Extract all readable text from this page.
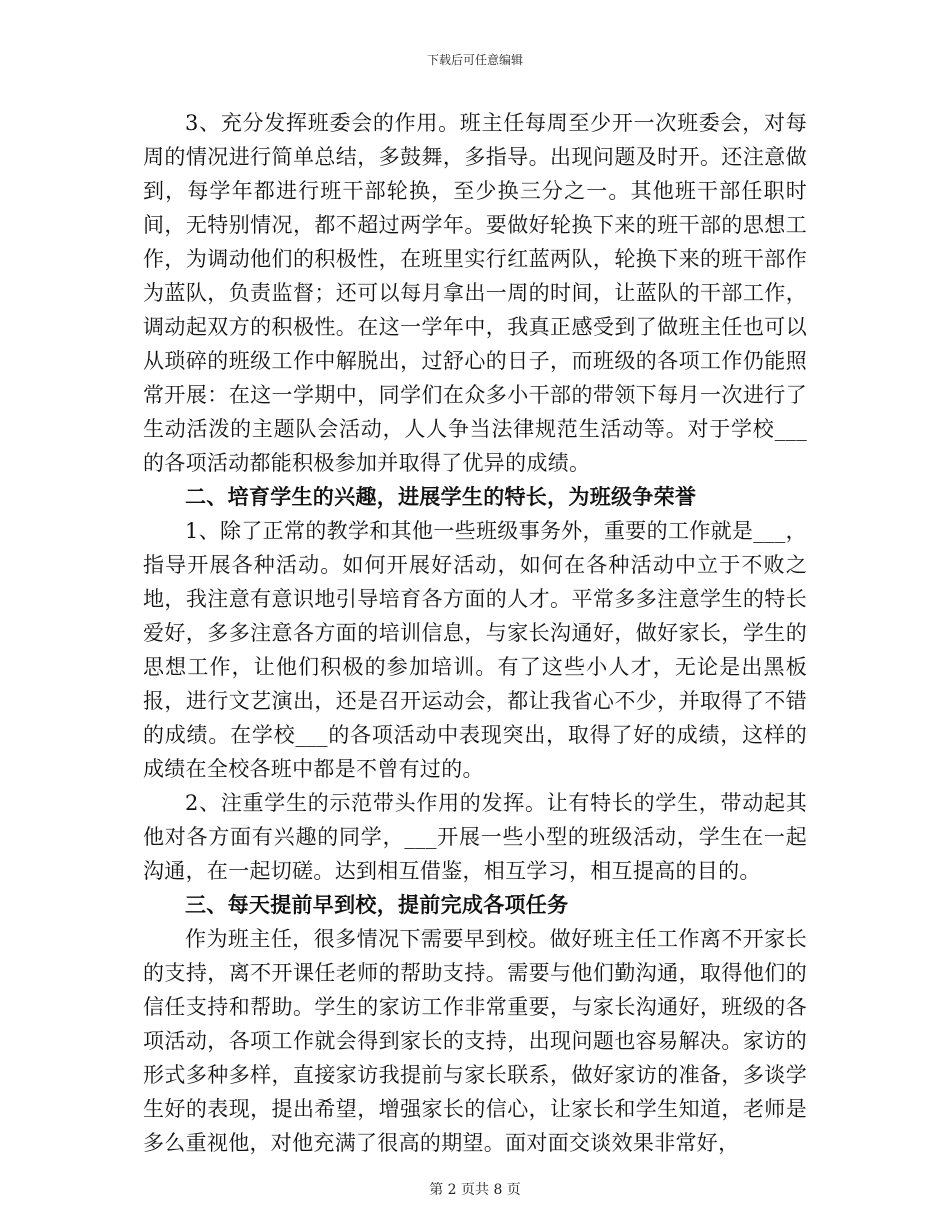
下载后可任意编辑

3、充分发挥班委会的作用。班主任每周至少开一次班委会，对每周的情况进行简单总结，多鼓舞，多指导。出现问题及时开。还注意做到，每学年都进行班干部轮换，至少换三分之一。其他班干部任职时间，无特别情况，都不超过两学年。要做好轮换下来的班干部的思想工作，为调动他们的积极性，在班里实行红蓝两队，轮换下来的班干部作为蓝队，负责监督；还可以每月拿出一周的时间，让蓝队的干部工作，调动起双方的积极性。在这一学年中，我真正感受到了做班主任也可以从琐碎的班级工作中解脱出，过舒心的日子，而班级的各项工作仍能照常开展：在这一学期中，同学们在众多小干部的带领下每月一次进行了生动活泼的主题队会活动，人人争当法律规范生活动等。对于学校___的各项活动都能积极参加并取得了优异的成绩。

二、培育学生的兴趣，进展学生的特长，为班级争荣誉

1、除了正常的教学和其他一些班级事务外，重要的工作就是___，指导开展各种活动。如何开展好活动，如何在各种活动中立于不败之地，我注意有意识地引导培育各方面的人才。平常多多注意学生的特长爱好，多多注意各方面的培训信息，与家长沟通好，做好家长，学生的思想工作，让他们积极的参加培训。有了这些小人才，无论是出黑板报，进行文艺演出，还是召开运动会，都让我省心不少，并取得了不错的成绩。在学校___的各项活动中表现突出，取得了好的成绩，这样的成绩在全校各班中都是不曾有过的。

2、注重学生的示范带头作用的发挥。让有特长的学生，带动起其他对各方面有兴趣的同学，___开展一些小型的班级活动，学生在一起沟通，在一起切磋。达到相互借鉴，相互学习，相互提高的目的。

三、每天提前早到校，提前完成各项任务

作为班主任，很多情况下需要早到校。做好班主任工作离不开家长的支持，离不开课任老师的帮助支持。需要与他们勤沟通，取得他们的信任支持和帮助。学生的家访工作非常重要，与家长沟通好，班级的各项活动，各项工作就会得到家长的支持，出现问题也容易解决。家访的形式多种多样，直接家访我提前与家长联系，做好家访的准备，多谈学生好的表现，提出希望，增强家长的信心，让家长和学生知道，老师是多么重视他，对他充满了很高的期望。面对面交谈效果非常好，

第 2 页共 8 页
